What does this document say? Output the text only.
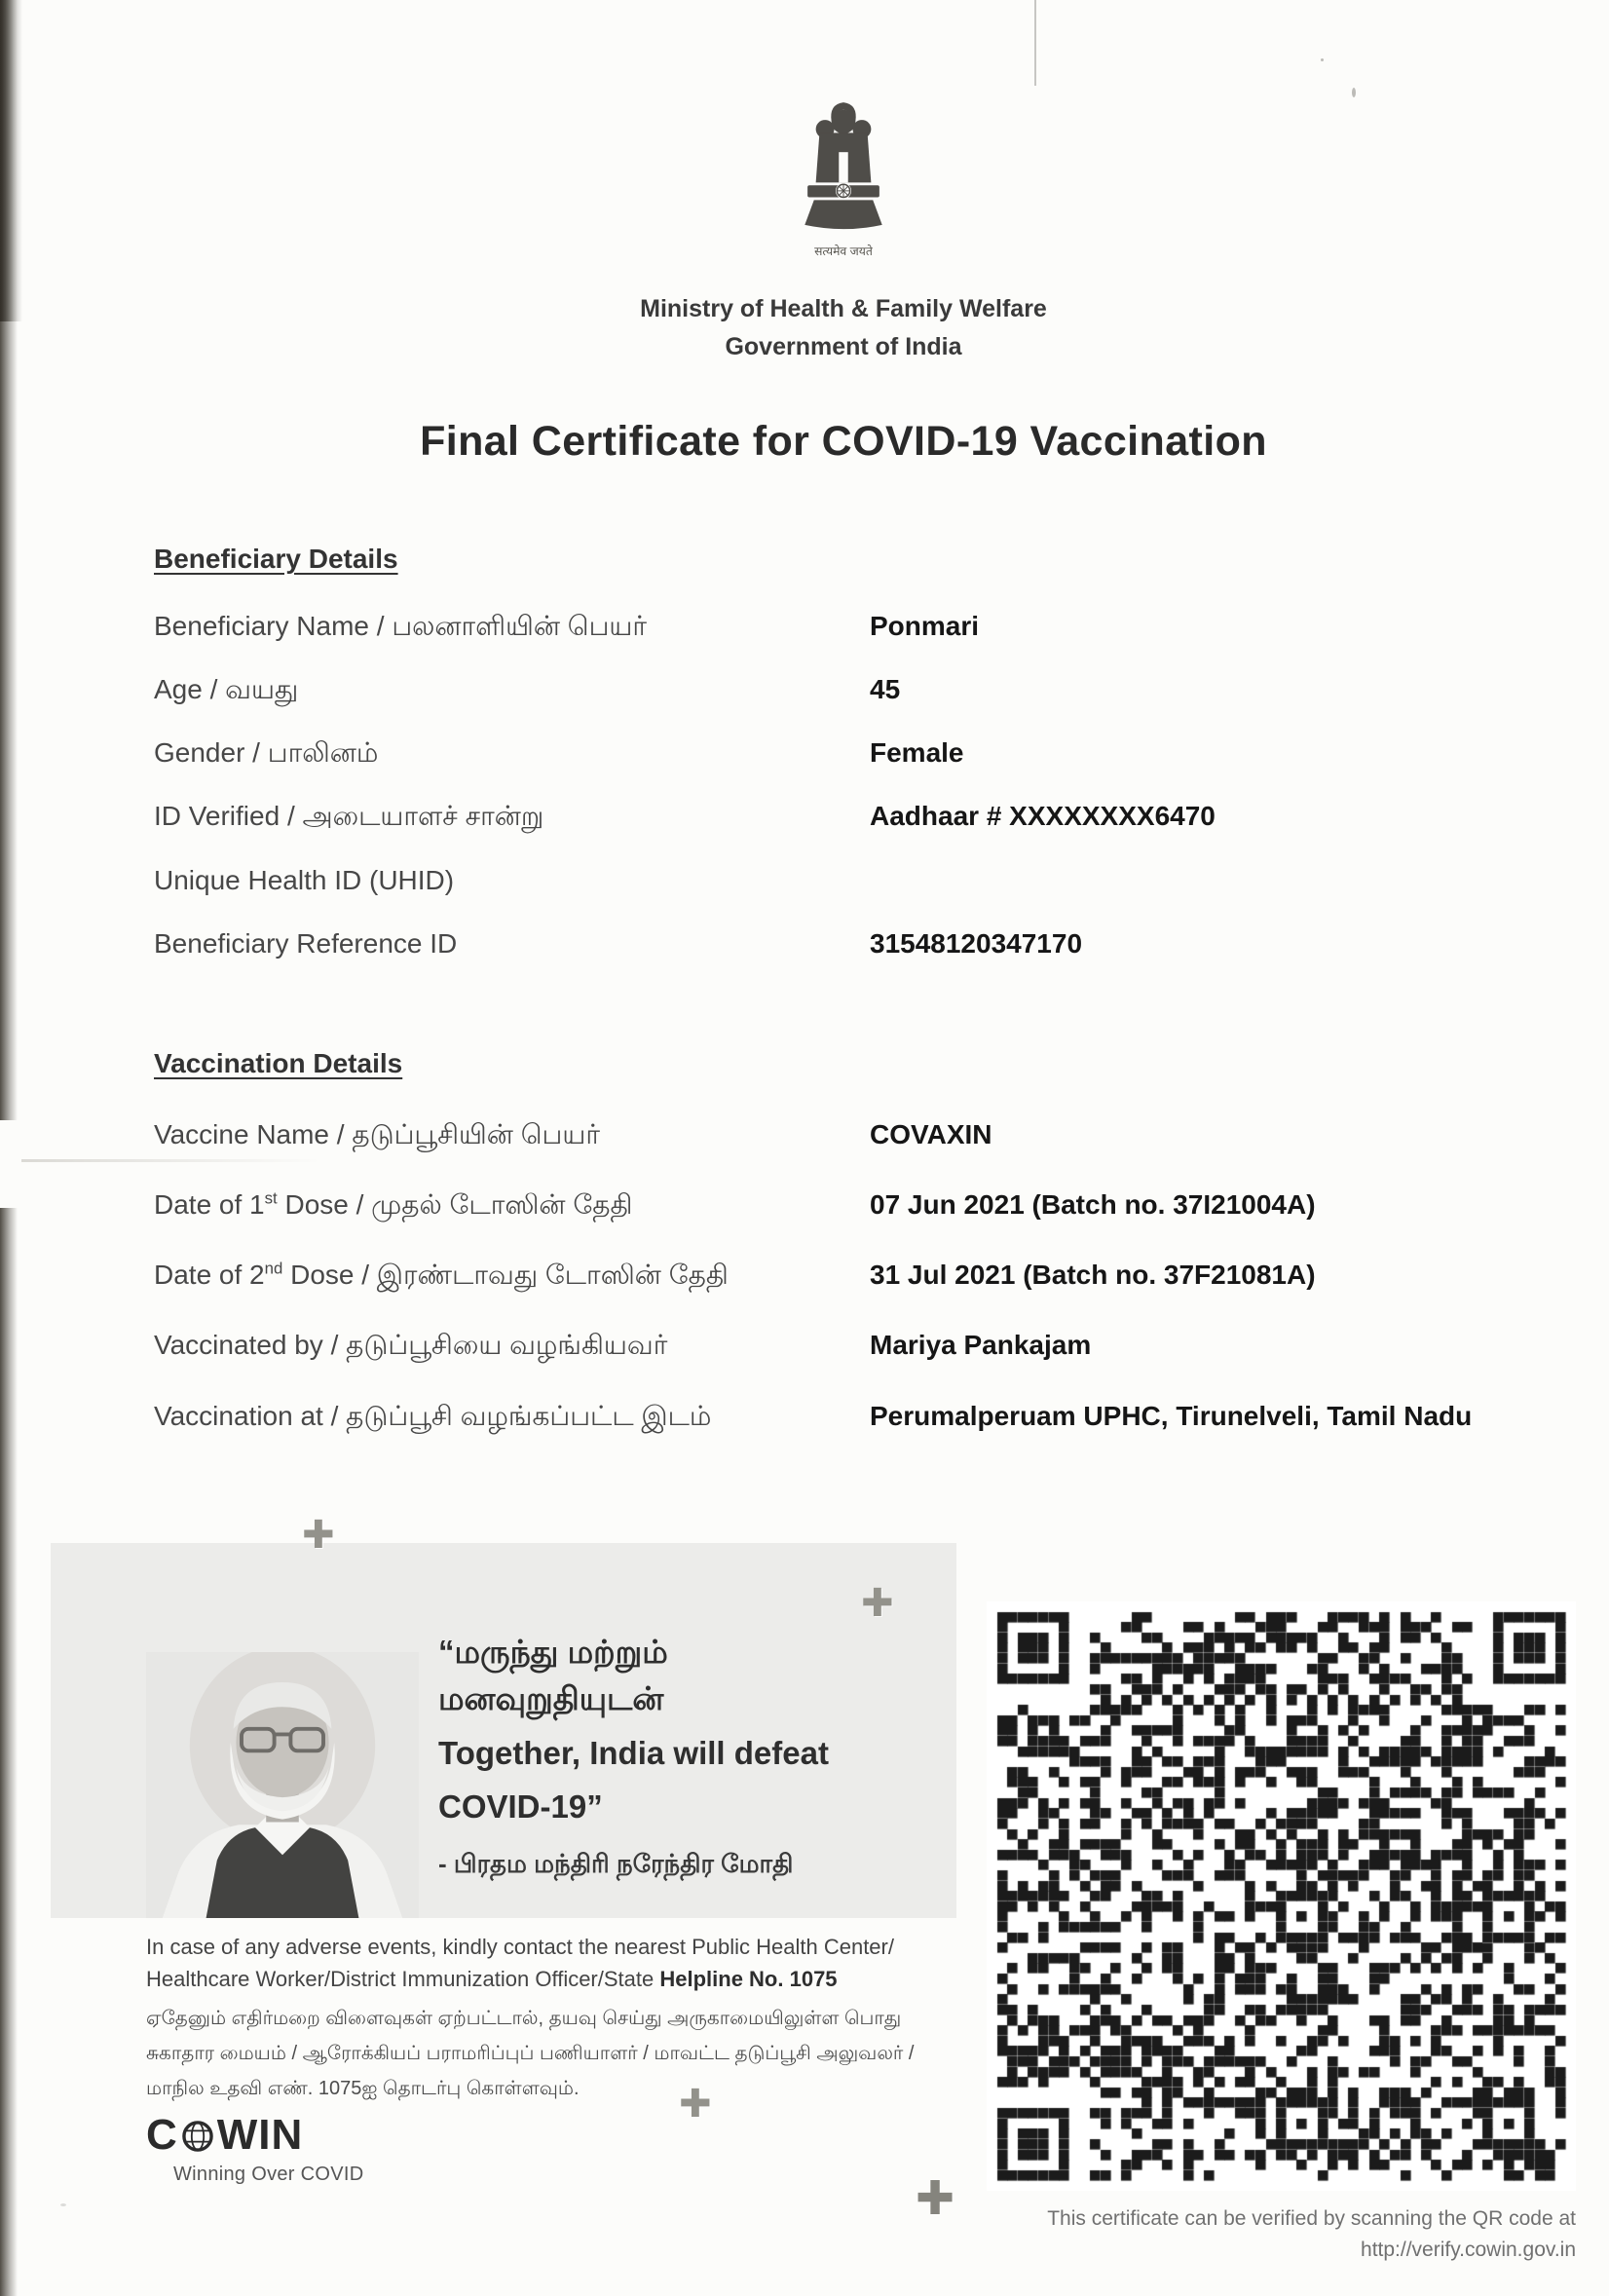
सत्यमेव जयते
Ministry of Health & Family Welfare
Government of India
Final Certificate for COVID-19 Vaccination
Beneficiary Details
Beneficiary Name / பலனாளியின் பெயர்	Ponmari
Age / வயது	45
Gender / பாலினம்	Female
ID Verified / அடையாளச் சான்று	Aadhaar # XXXXXXXX6470
Unique Health ID (UHID)
Beneficiary Reference ID	31548120347170
Vaccination Details
Vaccine Name / தடுப்பூசியின் பெயர்	COVAXIN
Date of 1st Dose / முதல் டோஸின் தேதி	07 Jun 2021 (Batch no. 37I21004A)
Date of 2nd Dose / இரண்டாவது டோஸின் தேதி	31 Jul 2021 (Batch no. 37F21081A)
Vaccinated by / தடுப்பூசியை வழங்கியவர்	Mariya Pankajam
Vaccination at / தடுப்பூசி வழங்கப்பட்ட இடம்	Perumalperuam UPHC, Tirunelveli, Tamil Nadu
✚
✚
✚
✚
“மருந்து மற்றும்
மனவுறுதியுடன்
Together, India will defeat
COVID-19”
- பிரதம மந்திரி நரேந்திர மோதி
In case of any adverse events, kindly contact the nearest Public Health Center/
Healthcare Worker/District Immunization Officer/State Helpline No. 1075
ஏதேனும் எதிர்மறை விளைவுகள் ஏற்பட்டால், தயவு செய்து அருகாமையிலுள்ள பொது சுகாதார மையம் / ஆரோக்கியப் பராமரிப்புப் பணியாளர் / மாவட்ட தடுப்பூசி அலுவலர் / மாநில உதவி எண். 1075ஐ தொடர்பு கொள்ளவும்.
C WIN
Winning Over COVID
This certificate can be verified by scanning the QR code at
http://verify.cowin.gov.in
